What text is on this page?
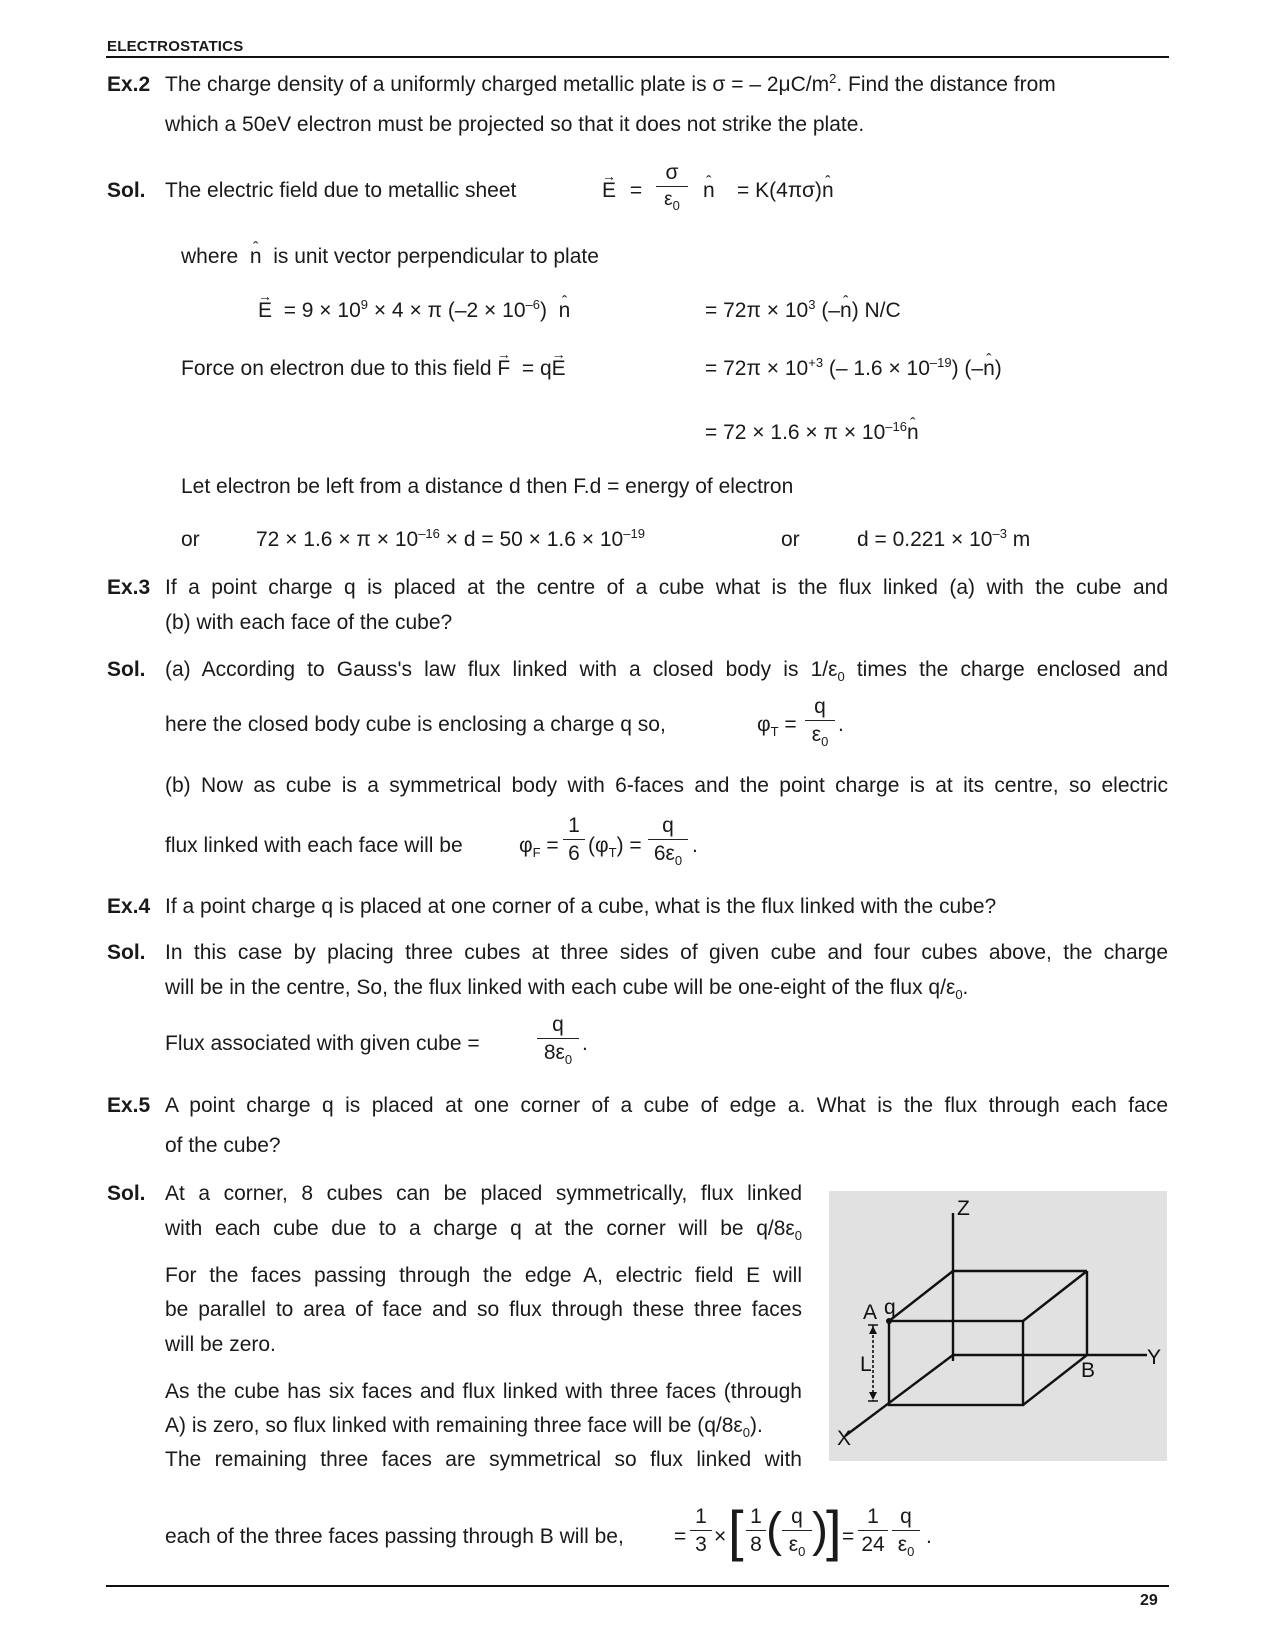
ELECTROSTATICS
Ex.2 The charge density of a uniformly charged metallic plate is σ = – $2\mu C/m^2$. Find the distance from
which a 50eV electron must be projected so that it does not strike the plate.
Sol. The electric field due to metallic sheet	→ $E = \frac{\sigma}{\varepsilon_0}$ ˆ n = K(4πσ)ˆ n
where ˆ n is unit vector perpendicular to plate
→ $E = 9 \times 10^9 \times 4 \times \pi$ $(-2 \times 10^{-6})$ ˆ n	= $72\pi \times 10^3$ (–ˆ n) N/C
Force on electron due to this field → F = q→ E	= $72\pi \times 10^{+3}$ (– $1.6 \times 10^{-19}$) (–ˆ n)
= $72 \times 1.6 \times \pi \times 10^{-16}ˆ$ n
Let electron be left from a distance d then F.d = energy of electron
or	$72 \times 1.6 \times \pi \times 10^{-16} \times d = 50 \times 1.6 \times 10^{-19}$	or	$d = 0.221 \times 10^{-3}$ m
Ex.3 If a point charge q is placed at the centre of a cube what is the flux linked (a) with the cube and
(b) with each face of the cube?
Sol. (a) According to Gauss's law flux linked with a closed body is $1/\varepsilon_0$ times the charge enclosed and
here the closed body cube is enclosing a charge q so,	$\varphi_T = \frac{q}{\varepsilon_0}$ .
(b) Now as cube is a symmetrical body with 6-faces and the point charge is at its centre, so electric
flux linked with each face will be	$\varphi_F = \frac{1}{6} (\varphi_T) = \frac{q}{6\varepsilon_0}$ .
Ex.4 If a point charge q is placed at one corner of a cube, what is the flux linked with the cube?
Sol. In this case by placing three cubes at three sides of given cube and four cubes above, the charge
will be in the centre, So, the flux linked with each cube will be one-eight of the flux $q/\varepsilon_0$.
Flux associated with given cube =	$\frac{q}{8\varepsilon_0}$ .
Ex.5 A point charge q is placed at one corner of a cube of edge a. What is the flux through each face
of the cube?
Sol. At a corner, 8 cubes can be placed symmetrically, flux linked
with each cube due to a charge q at the corner will be $q/8\varepsilon_0$
For the faces passing through the edge A, electric field E will
be parallel to area of face and so flux through these three faces
will be zero.
As the cube has six faces and flux linked with three faces (through
A) is zero, so flux linked with remaining three face will be $(q/8\varepsilon_0)$.
The remaining three faces are symmetrical so flux linked with
each of the three faces passing through B will be, = $\frac{1}{3}$ × [ $\frac{1}{8}$ ( $\frac{q}{\varepsilon_0}$ )
] = $\frac{1}{24} \frac{q}{\varepsilon_0}$ .
Z
Y
X
A q
B
L
29
